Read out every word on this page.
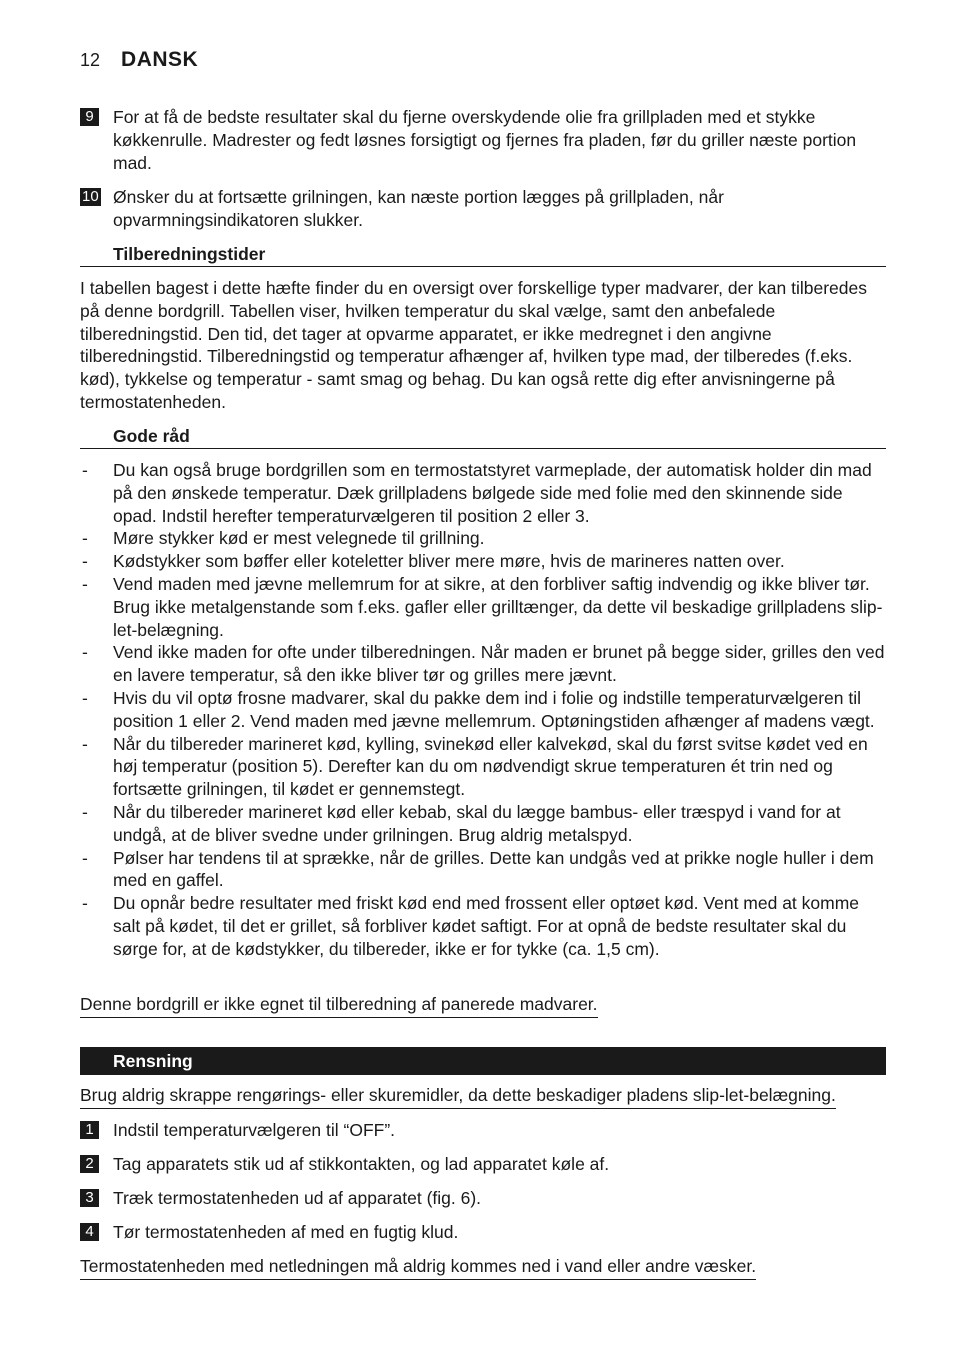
12 DANSK
9	For at få de bedste resultater skal du fjerne overskydende olie fra grillpladen med et stykke køkkenrulle. Madrester og fedt løsnes forsigtigt og fjernes fra pladen, før du griller næste portion mad.
10 Ønsker du at fortsætte grilningen, kan næste portion lægges på grillpladen, når opvarmningsindikatoren slukker.
Tilberedningstider
I tabellen bagest i dette hæfte finder du en oversigt over forskellige typer madvarer, der kan tilberedes på denne bordgrill. Tabellen viser, hvilken temperatur du skal vælge, samt den anbefalede tilberedningstid. Den tid, det tager at opvarme apparatet, er ikke medregnet i den angivne tilberedningstid. Tilberedningstid og temperatur afhænger af, hvilken type mad, der tilberedes (f.eks. kød), tykkelse og temperatur - samt smag og behag. Du kan også rette dig efter anvisningerne på termostatenheden.
Gode råd
- Du kan også bruge bordgrillen som en termostatstyret varmeplade, der automatisk holder din mad på den ønskede temperatur. Dæk grillpladens bølgede side med folie med den skinnende side opad. Indstil herefter temperaturvælgeren til position 2 eller 3.
- Møre stykker kød er mest velegnede til grillning.
- Kødstykker som bøffer eller koteletter bliver mere møre, hvis de marineres natten over.
- Vend maden med jævne mellemrum for at sikre, at den forbliver saftig indvendig og ikke bliver tør. Brug ikke metalgenstande som f.eks. gafler eller grilltænger, da dette vil beskadige grillpladens slip-let-belægning.
- Vend ikke maden for ofte under tilberedningen. Når maden er brunet på begge sider, grilles den ved en lavere temperatur, så den ikke bliver tør og grilles mere jævnt.
- Hvis du vil optø frosne madvarer, skal du pakke dem ind i folie og indstille temperaturvælgeren til position 1 eller 2. Vend maden med jævne mellemrum. Optøningstiden afhænger af madens vægt.
- Når du tilbereder marineret kød, kylling, svinekød eller kalvekød, skal du først svitse kødet ved en høj temperatur (position 5). Derefter kan du om nødvendigt skrue temperaturen ét trin ned og fortsætte grilningen, til kødet er gennemstegt.
- Når du tilbereder marineret kød eller kebab, skal du lægge bambus- eller træspyd i vand for at undgå, at de bliver svedne under grilningen. Brug aldrig metalspyd.
- Pølser har tendens til at sprække, når de grilles. Dette kan undgås ved at prikke nogle huller i dem med en gaffel.
- Du opnår bedre resultater med friskt kød end med frossent eller optøet kød. Vent med at komme salt på kødet, til det er grillet, så forbliver kødet saftigt. For at opnå de bedste resultater skal du sørge for, at de kødstykker, du tilbereder, ikke er for tykke (ca. 1,5 cm).
Denne bordgrill er ikke egnet til tilberedning af panerede madvarer.
Rensning
Brug aldrig skrappe rengørings- eller skuremidler, da dette beskadiger pladens slip-let-belægning.
1	Indstil temperaturvælgeren til “OFF”.
2	Tag apparatets stik ud af stikkontakten, og lad apparatet køle af.
3	Træk termostatenheden ud af apparatet (fig. 6).
4	Tør termostatenheden af med en fugtig klud.
Termostatenheden med netledningen må aldrig kommes ned i vand eller andre væsker.
